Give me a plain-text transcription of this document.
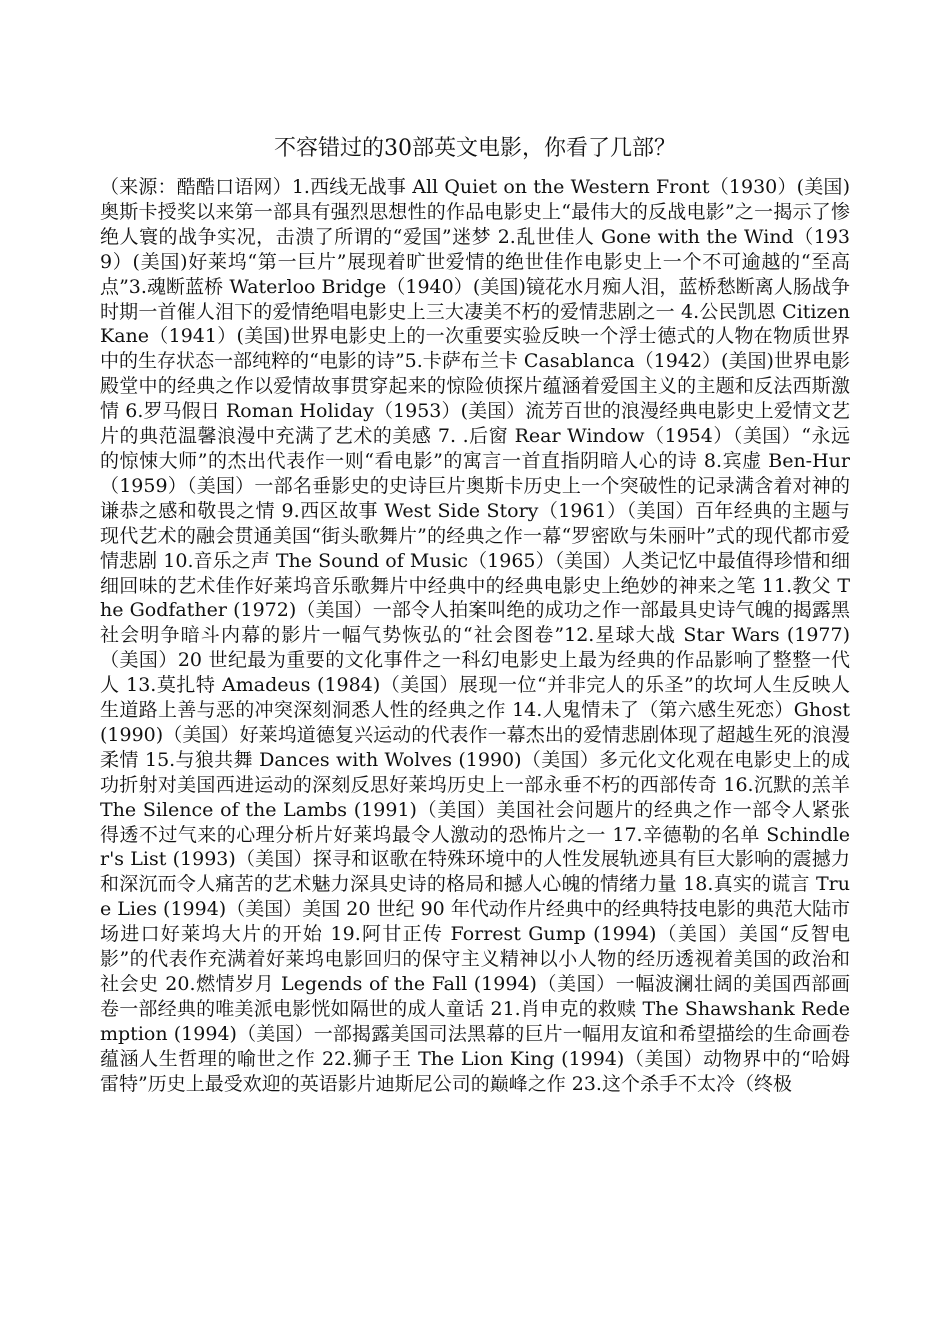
不容错过的30部英文电影，你看了几部？

（来源：酷酷口语网）1.西线无战事 All Quiet on the Western Front（1930）(美国)奥斯卡授奖以来第一部具有强烈思想性的作品电影史上“最伟大的反战电影”之一揭示了惨绝人寰的战争实况，击溃了所谓的“爱国”迷梦 2.乱世佳人 Gone with the Wind（1939）(美国)好莱坞“第一巨片”展现着旷世爱情的绝世佳作电影史上一个不可逾越的“至高点”3.魂断蓝桥 Waterloo Bridge（1940）(美国)镜花水月痴人泪，蓝桥愁断离人肠战争时期一首催人泪下的爱情绝唱电影史上三大凄美不朽的爱情悲剧之一 4.公民凯恩 Citizen Kane（1941）(美国)世界电影史上的一次重要实验反映一个浮士德式的人物在物质世界中的生存状态一部纯粹的“电影的诗”5.卡萨布兰卡 Casablanca（1942）(美国)世界电影殿堂中的经典之作以爱情故事贯穿起来的惊险侦探片蕴涵着爱国主义的主题和反法西斯激情 6.罗马假日 Roman Holiday（1953）(美国）流芳百世的浪漫经典电影史上爱情文艺片的典范温馨浪漫中充满了艺术的美感 7. .后窗 Rear Window（1954）（美国）“永远的惊悚大师”的杰出代表作一则“看电影”的寓言一首直指阴暗人心的诗 8.宾虚 Ben-Hur（1959）（美国）一部名垂影史的史诗巨片奥斯卡历史上一个突破性的记录满含着对神的谦恭之感和敬畏之情 9.西区故事 West Side Story（1961）（美国）百年经典的主题与现代艺术的融会贯通美国“街头歌舞片”的经典之作一幕“罗密欧与朱丽叶”式的现代都市爱情悲剧 10.音乐之声 The Sound of Music（1965）（美国）人类记忆中最值得珍惜和细细回味的艺术佳作好莱坞音乐歌舞片中经典中的经典电影史上绝妙的神来之笔 11.教父 The Godfather (1972)（美国）一部令人拍案叫绝的成功之作一部最具史诗气魄的揭露黑社会明争暗斗内幕的影片一幅气势恢弘的“社会图卷”12.星球大战 Star Wars (1977)（美国）20 世纪最为重要的文化事件之一科幻电影史上最为经典的作品影响了整整一代人 13.莫扎特 Amadeus (1984)（美国）展现一位“并非完人的乐圣”的坎坷人生反映人生道路上善与恶的冲突深刻洞悉人性的经典之作 14.人鬼情未了（第六感生死恋）Ghost (1990)（美国）好莱坞道德复兴运动的代表作一幕杰出的爱情悲剧体现了超越生死的浪漫柔情 15.与狼共舞 Dances with Wolves (1990)（美国）多元化文化观在电影史上的成功折射对美国西进运动的深刻反思好莱坞历史上一部永垂不朽的西部传奇 16.沉默的羔羊 The Silence of the Lambs (1991)（美国）美国社会问题片的经典之作一部令人紧张得透不过气来的心理分析片好莱坞最令人激动的恐怖片之一 17.辛德勒的名单 Schindler's List (1993)（美国）探寻和讴歌在特殊环境中的人性发展轨迹具有巨大影响的震撼力和深沉而令人痛苦的艺术魅力深具史诗的格局和撼人心魄的情绪力量 18.真实的谎言 True Lies (1994)（美国）美国 20 世纪 90 年代动作片经典中的经典特技电影的典范大陆市场进口好莱坞大片的开始 19.阿甘正传 Forrest Gump (1994)（美国）美国“反智电影”的代表作充满着好莱坞电影回归的保守主义精神以小人物的经历透视着美国的政治和社会史 20.燃情岁月 Legends of the Fall (1994)（美国）一幅波澜壮阔的美国西部画卷一部经典的唯美派电影恍如隔世的成人童话 21.肖申克的救赎 The Shawshank Redemption (1994)（美国）一部揭露美国司法黑幕的巨片一幅用友谊和希望描绘的生命画卷蕴涵人生哲理的喻世之作 22.狮子王 The Lion King (1994)（美国）动物界中的“哈姆雷特”历史上最受欢迎的英语影片迪斯尼公司的巅峰之作 23.这个杀手不太冷（终极
